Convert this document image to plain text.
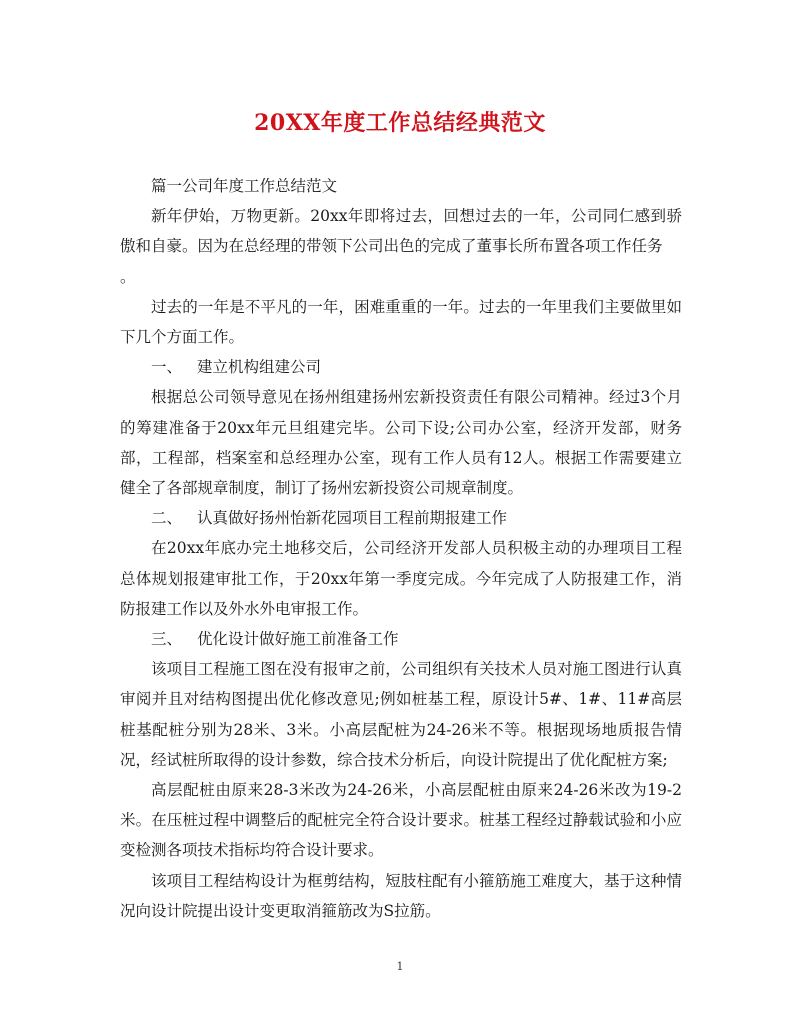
20XX年度工作总结经典范文

篇一公司年度工作总结范文

新年伊始，万物更新。20xx年即将过去，回想过去的一年，公司同仁感到骄傲和自豪。因为在总经理的带领下公司出色的完成了董事长所布置各项工作任务
。

过去的一年是不平凡的一年，困难重重的一年。过去的一年里我们主要做里如下几个方面工作。

一、 建立机构组建公司

根据总公司领导意见在扬州组建扬州宏新投资责任有限公司精神。经过3个月的筹建准备于20xx年元旦组建完毕。公司下设;公司办公室，经济开发部，财务部，工程部，档案室和总经理办公室，现有工作人员有12人。根据工作需要建立健全了各部规章制度，制订了扬州宏新投资公司规章制度。

二、 认真做好扬州怡新花园项目工程前期报建工作

在20xx年底办完土地移交后，公司经济开发部人员积极主动的办理项目工程总体规划报建审批工作，于20xx年第一季度完成。今年完成了人防报建工作，消防报建工作以及外水外电审报工作。

三、 优化设计做好施工前准备工作

该项目工程施工图在没有报审之前，公司组织有关技术人员对施工图进行认真审阅并且对结构图提出优化修改意见;例如桩基工程，原设计5#、1#、11#高层桩基配桩分别为28米、3米。小高层配桩为24-26米不等。根据现场地质报告情况，经试桩所取得的设计参数，综合技术分析后，向设计院提出了优化配桩方案;

高层配桩由原来28-3米改为24-26米，小高层配桩由原来24-26米改为19-2米。在压桩过程中调整后的配桩完全符合设计要求。桩基工程经过静载试验和小应变检测各项技术指标均符合设计要求。

该项目工程结构设计为框剪结构，短肢柱配有小箍筋施工难度大，基于这种情况向设计院提出设计变更取消箍筋改为S拉筋。

1
